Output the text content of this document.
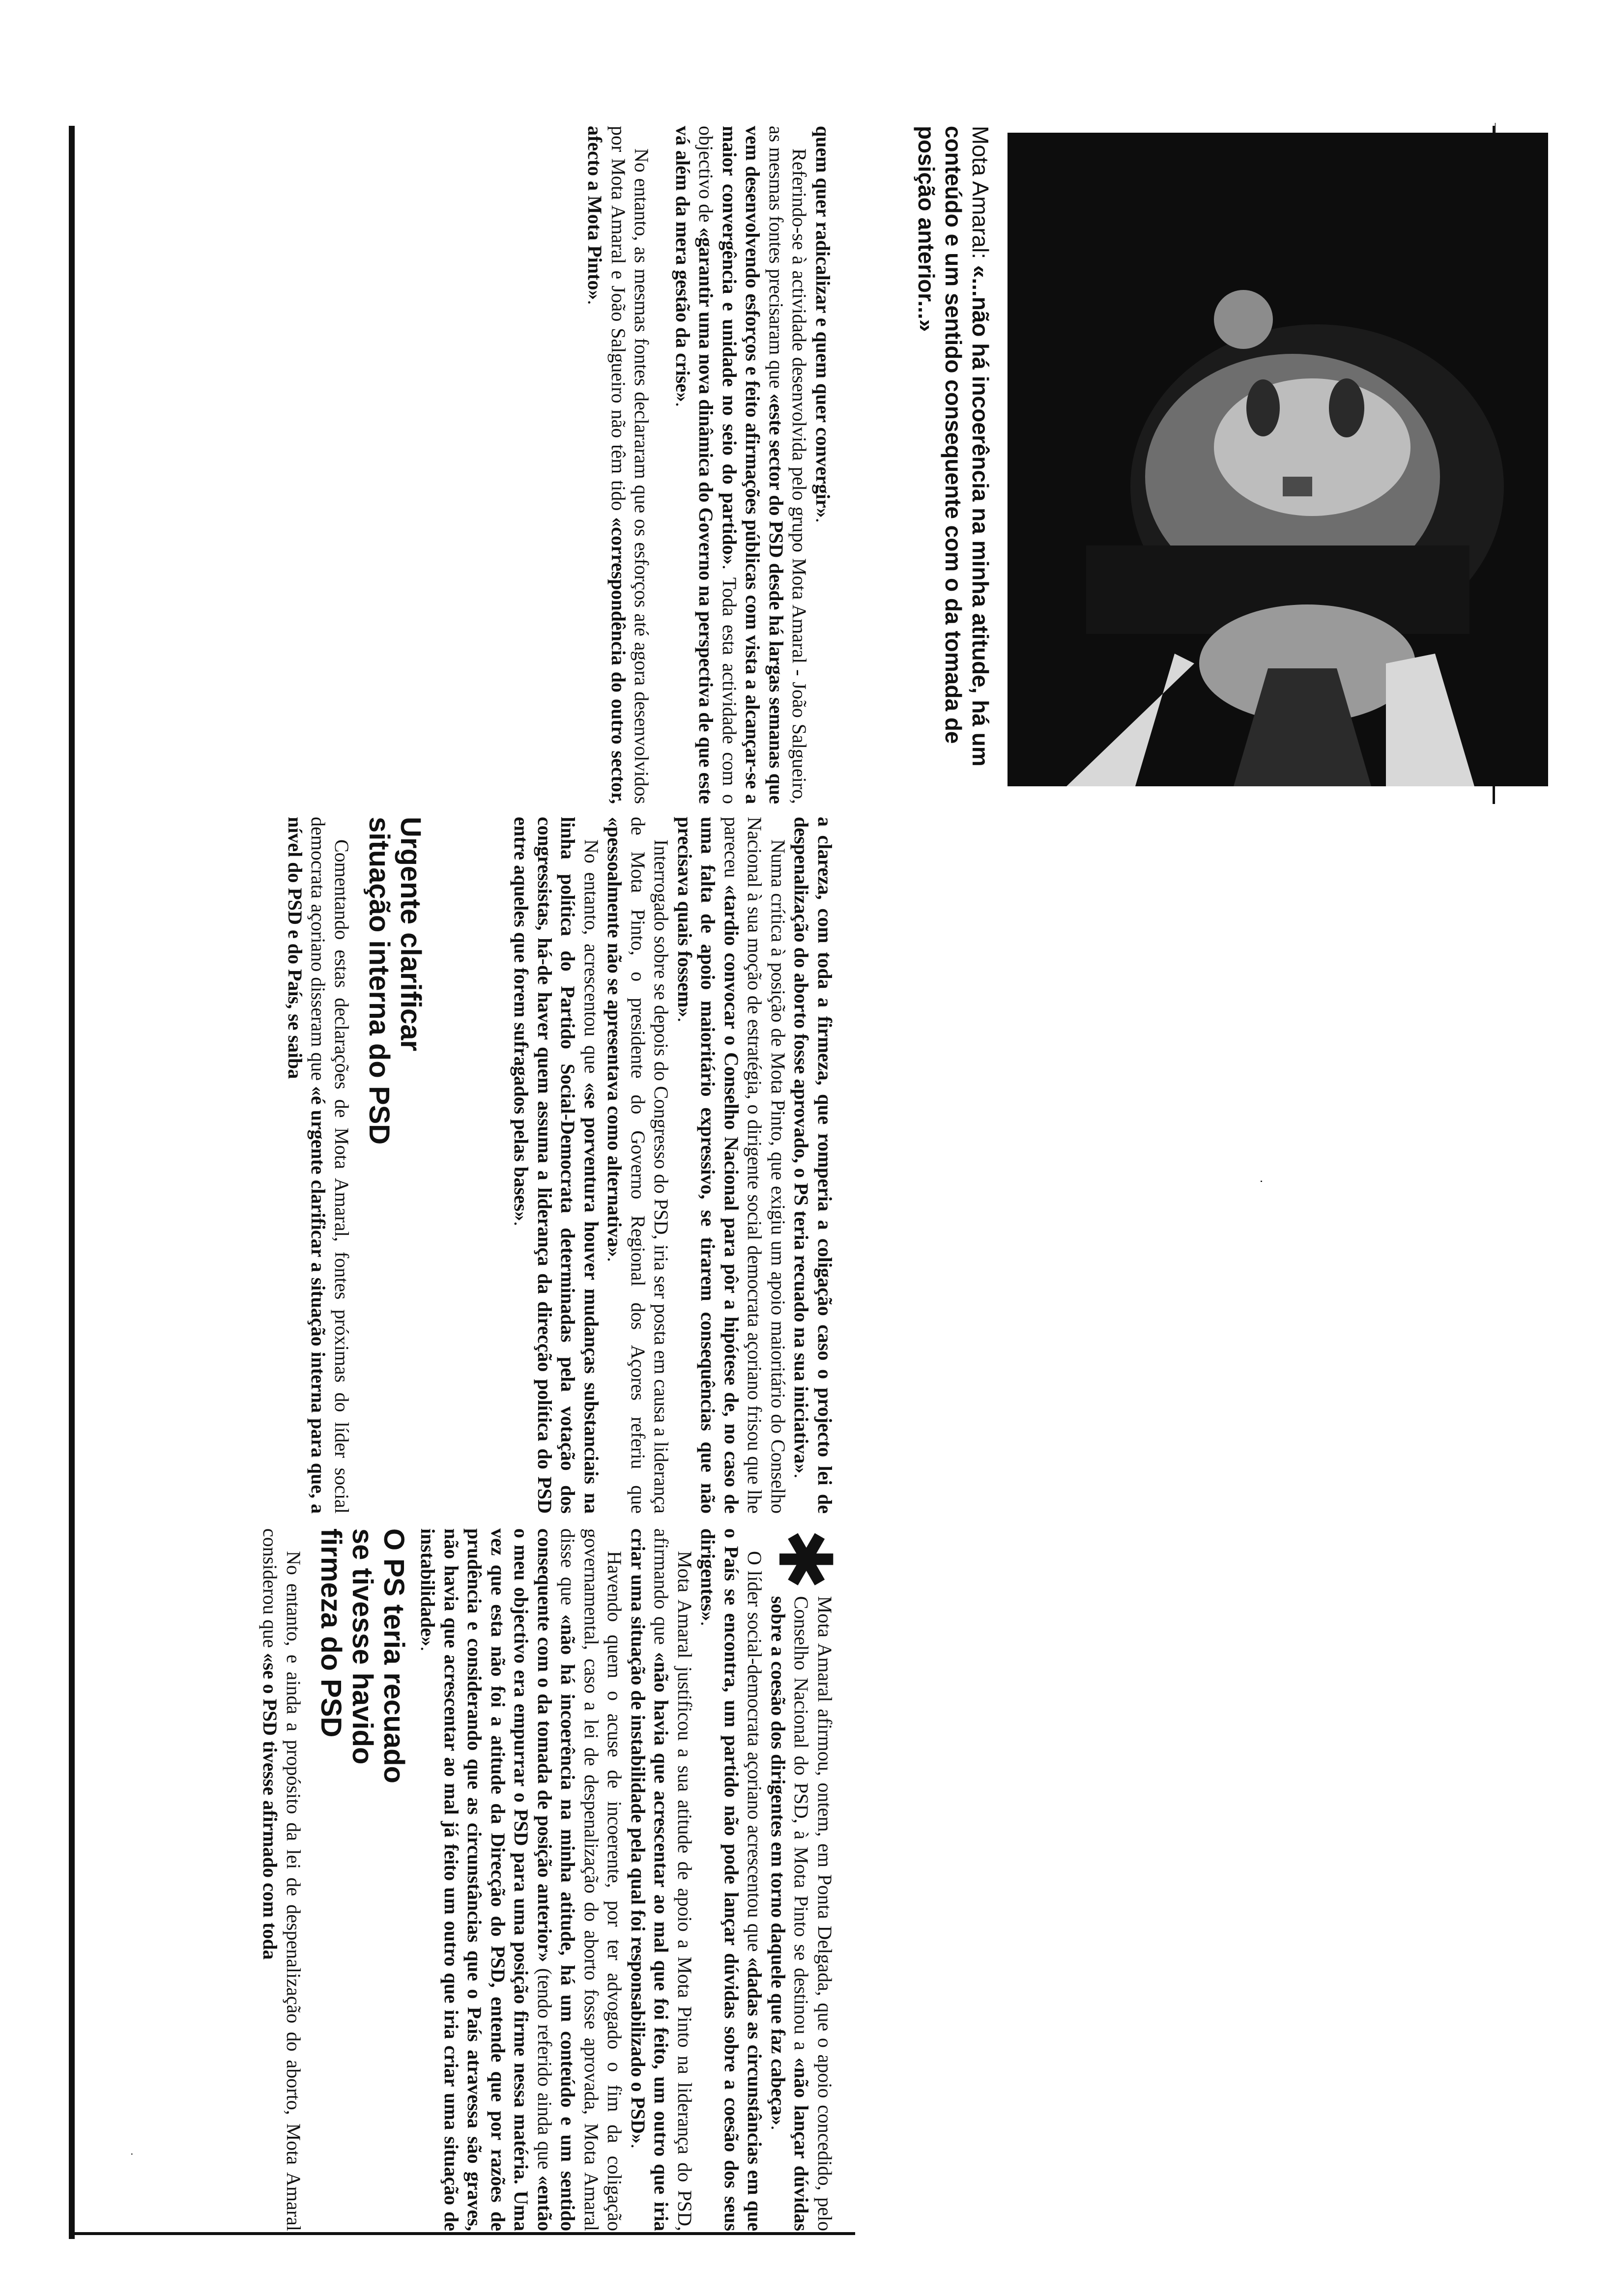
Mota Amaral: «...não há incoerência na minha atitude, há um conteúdo e um sentido consequente com o da tomada de posição anterior...»

quem quer radicalizar e quem quer convergir».

Referindo-se à actividade desenvolvida pelo grupo Mota Amaral - João Salgueiro, as mesmas fontes precisaram que «este sector do PSD desde há largas semanas que vem desenvolvendo esforços e feito afirmações públicas com vista a alcançar-se a maior convergência e unidade no seio do partido». Toda esta actividade com o objectivo de «garantir uma nova dinâmica do Governo na perspectiva de que este vá além da mera gestão da crise».

No entanto, as mesmas fontes declararam que os esforços até agora desenvolvidos por Mota Amaral e João Salgueiro não têm tido «correspondência do outro sector, afecto a Mota Pinto».

a clareza, com toda a firmeza, que romperia a coligação caso o projecto lei de despenalização do aborto fosse aprovado, o PS teria recuado na sua iniciativa».

Numa crítica à posição de Mota Pinto, que exigiu um apoio maioritário do Conselho Nacional à sua moção de estratégia, o dirigente social democrata açoriano frisou que lhe pareceu «tardio convocar o Conselho Nacional para pôr a hipótese de, no caso de uma falta de apoio maioritário expressivo, se tirarem consequências que não precisava quais fossem».

Interrogado sobre se depois do Congresso do PSD, iria ser posta em causa a liderança de Mota Pinto, o presidente do Governo Regional dos Açores referiu que «pessoalmente não se apresentava como alternativa».

No entanto, acrescentou que «se porventura houver mudanças substanciais na linha política do Partido Social-Democrata determinadas pela votação dos congressistas, há-de haver quem assuma a liderança da direcção política do PSD entre aqueles que forem sufragados pelas bases».

Urgente clarificar
situação interna do PSD

Comentando estas declarações de Mota Amaral, fontes próximas do líder social democrata açoriano disseram que «é urgente clarificar a situação interna para que, a nível do PSD e do País, se saiba

✱
Mota Amaral afirmou, ontem, em Ponta Delgada, que o apoio concedido, pelo Conselho Nacional do PSD, à Mota Pinto se destinou a «não lançar dúvidas sobre a coesão dos dirigentes em torno daquele que faz cabeça».

O líder social-democrata açoriano acrescentou que «dadas as circunstâncias em que o País se encontra, um partido não pode lançar dúvidas sobre a coesão dos seus dirigentes».

Mota Amaral justificou a sua atitude de apoio a Mota Pinto na liderança do PSD, afirmando que «não havia que acrescentar ao mal que foi feito, um outro que iria criar uma situação de instabilidade pela qual foi responsabilizado o PSD».

Havendo quem o acuse de incoerente, por ter advogado o fim da coligação governamental, caso a lei de despenalização do aborto fosse aprovada, Mota Amaral disse que «não há incoerência na minha atitude, há um conteúdo e um sentido consequente com o da tomada de posição anterior» (tendo referido ainda que «então o meu objectivo era empurrar o PSD para uma posição firme nessa matéria. Uma vez que esta não foi a atitude da Direcção do PSD, entende que por razões de prudência e considerando que as circunstâncias que o País atravessa são graves, não havia que acrescentar ao mal já feito um outro que iria criar uma situação de instabilidade».

O PS teria recuado
se tivesse havido
firmeza do PSD

No entanto, e ainda a propósito da lei de despenalização do aborto, Mota Amaral considerou que «se o PSD tivesse afirmado com toda

·
·
